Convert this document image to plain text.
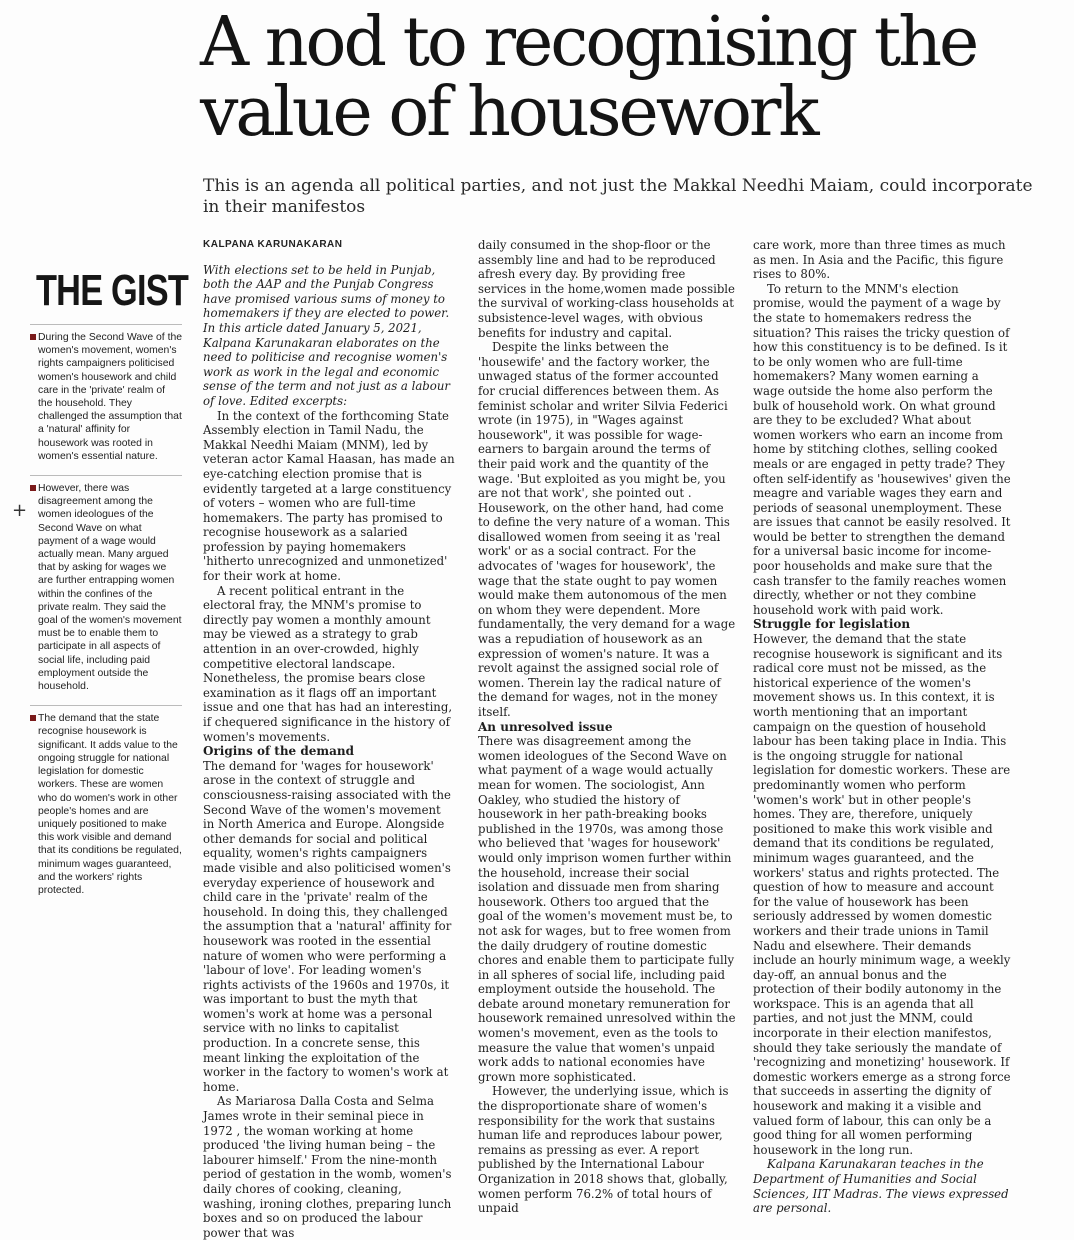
A nod to recognising the value of housework

This is an agenda all political parties, and not just the Makkal Needhi Maiam, could incorporate in their manifestos

+
THE GIST
During the Second Wave of the women's movement, women's rights campaigners politicised women's housework and child care in the 'private' realm of the household. They challenged the assumption that a 'natural' affinity for housework was rooted in women's essential nature.
However, there was disagreement among the women ideologues of the Second Wave on what payment of a wage would actually mean. Many argued that by asking for wages we are further entrapping women within the confines of the private realm. They said the goal of the women's movement must be to enable them to participate in all aspects of social life, including paid employment outside the household.
The demand that the state recognise housework is significant. It adds value to the ongoing struggle for national legislation for domestic workers. These are women who do women's work in other people's homes and are uniquely positioned to make this work visible and demand that its conditions be regulated, minimum wages guaranteed, and the workers' rights protected.
KALPANA KARUNAKARAN

With elections set to be held in Punjab, both the AAP and the Punjab Congress have promised various sums of money to homemakers if they are elected to power. In this article dated January 5, 2021, Kalpana Karunakaran elaborates on the need to politicise and recognise women's work as work in the legal and economic sense of the term and not just as a labour of love. Edited excerpts:

In the context of the forthcoming State Assembly election in Tamil Nadu, the Makkal Needhi Maiam (MNM), led by veteran actor Kamal Haasan, has made an eye-catching election promise that is evidently targeted at a large constituency of voters – women who are full-time homemakers. The party has promised to recognise housework as a salaried profession by paying homemakers 'hitherto unrecognized and unmonetized' for their work at home.

A recent political entrant in the electoral fray, the MNM's promise to directly pay women a monthly amount may be viewed as a strategy to grab attention in an over-crowded, highly competitive electoral landscape. Nonetheless, the promise bears close examination as it flags off an important issue and one that has had an interesting, if chequered significance in the history of women's movements.

Origins of the demand

The demand for 'wages for housework' arose in the context of struggle and consciousness-raising associated with the Second Wave of the women's movement in North America and Europe. Alongside other demands for social and political equality, women's rights campaigners made visible and also politicised women's everyday experience of housework and child care in the 'private' realm of the household. In doing this, they challenged the assumption that a 'natural' affinity for housework was rooted in the essential nature of women who were performing a 'labour of love'. For leading women's rights activists of the 1960s and 1970s, it was important to bust the myth that women's work at home was a personal service with no links to capitalist production. In a concrete sense, this meant linking the exploitation of the worker in the factory to women's work at home.

As Mariarosa Dalla Costa and Selma James wrote in their seminal piece in 1972 , the woman working at home produced 'the living human being – the labourer himself.' From the nine-month period of gestation in the womb, women's daily chores of cooking, cleaning, washing, ironing clothes, preparing lunch boxes and so on produced the labour power that was

daily consumed in the shop-floor or the assembly line and had to be reproduced afresh every day. By providing free services in the home,women made possible the survival of working-class households at subsistence-level wages, with obvious benefits for industry and capital.

Despite the links between the 'housewife' and the factory worker, the unwaged status of the former accounted for crucial differences between them. As feminist scholar and writer Silvia Federici wrote (in 1975), in "Wages against housework", it was possible for wage-earners to bargain around the terms of their paid work and the quantity of the wage. 'But exploited as you might be, you are not that work', she pointed out . Housework, on the other hand, had come to define the very nature of a woman. This disallowed women from seeing it as 'real work' or as a social contract. For the advocates of 'wages for housework', the wage that the state ought to pay women would make them autonomous of the men on whom they were dependent. More fundamentally, the very demand for a wage was a repudiation of housework as an expression of women's nature. It was a revolt against the assigned social role of women. Therein lay the radical nature of the demand for wages, not in the money itself.

An unresolved issue

There was disagreement among the women ideologues of the Second Wave on what payment of a wage would actually mean for women. The sociologist, Ann Oakley, who studied the history of housework in her path-breaking books published in the 1970s, was among those who believed that 'wages for housework' would only imprison women further within the household, increase their social isolation and dissuade men from sharing housework. Others too argued that the goal of the women's movement must be, to not ask for wages, but to free women from the daily drudgery of routine domestic chores and enable them to participate fully in all spheres of social life, including paid employment outside the household. The debate around monetary remuneration for housework remained unresolved within the women's movement, even as the tools to measure the value that women's unpaid work adds to national economies have grown more sophisticated.

However, the underlying issue, which is the disproportionate share of women's responsibility for the work that sustains human life and reproduces labour power, remains as pressing as ever. A report published by the International Labour Organization in 2018 shows that, globally, women perform 76.2% of total hours of unpaid

care work, more than three times as much as men. In Asia and the Pacific, this figure rises to 80%.

To return to the MNM's election promise, would the payment of a wage by the state to homemakers redress the situation? This raises the tricky question of how this constituency is to be defined. Is it to be only women who are full-time homemakers? Many women earning a wage outside the home also perform the bulk of household work. On what ground are they to be excluded? What about women workers who earn an income from home by stitching clothes, selling cooked meals or are engaged in petty trade? They often self-identify as 'housewives' given the meagre and variable wages they earn and periods of seasonal unemployment. These are issues that cannot be easily resolved. It would be better to strengthen the demand for a universal basic income for income-poor households and make sure that the cash transfer to the family reaches women directly, whether or not they combine household work with paid work.

Struggle for legislation

However, the demand that the state recognise housework is significant and its radical core must not be missed, as the historical experience of the women's movement shows us. In this context, it is worth mentioning that an important campaign on the question of household labour has been taking place in India. This is the ongoing struggle for national legislation for domestic workers. These are predominantly women who perform 'women's work' but in other people's homes. They are, therefore, uniquely positioned to make this work visible and demand that its conditions be regulated, minimum wages guaranteed, and the workers' status and rights protected. The question of how to measure and account for the value of housework has been seriously addressed by women domestic workers and their trade unions in Tamil Nadu and elsewhere. Their demands include an hourly minimum wage, a weekly day-off, an annual bonus and the protection of their bodily autonomy in the workspace. This is an agenda that all parties, and not just the MNM, could incorporate in their election manifestos, should they take seriously the mandate of 'recognizing and monetizing' housework. If domestic workers emerge as a strong force that succeeds in asserting the dignity of housework and making it a visible and valued form of labour, this can only be a good thing for all women performing housework in the long run.

Kalpana Karunakaran teaches in the Department of Humanities and Social Sciences, IIT Madras. The views expressed are personal.
